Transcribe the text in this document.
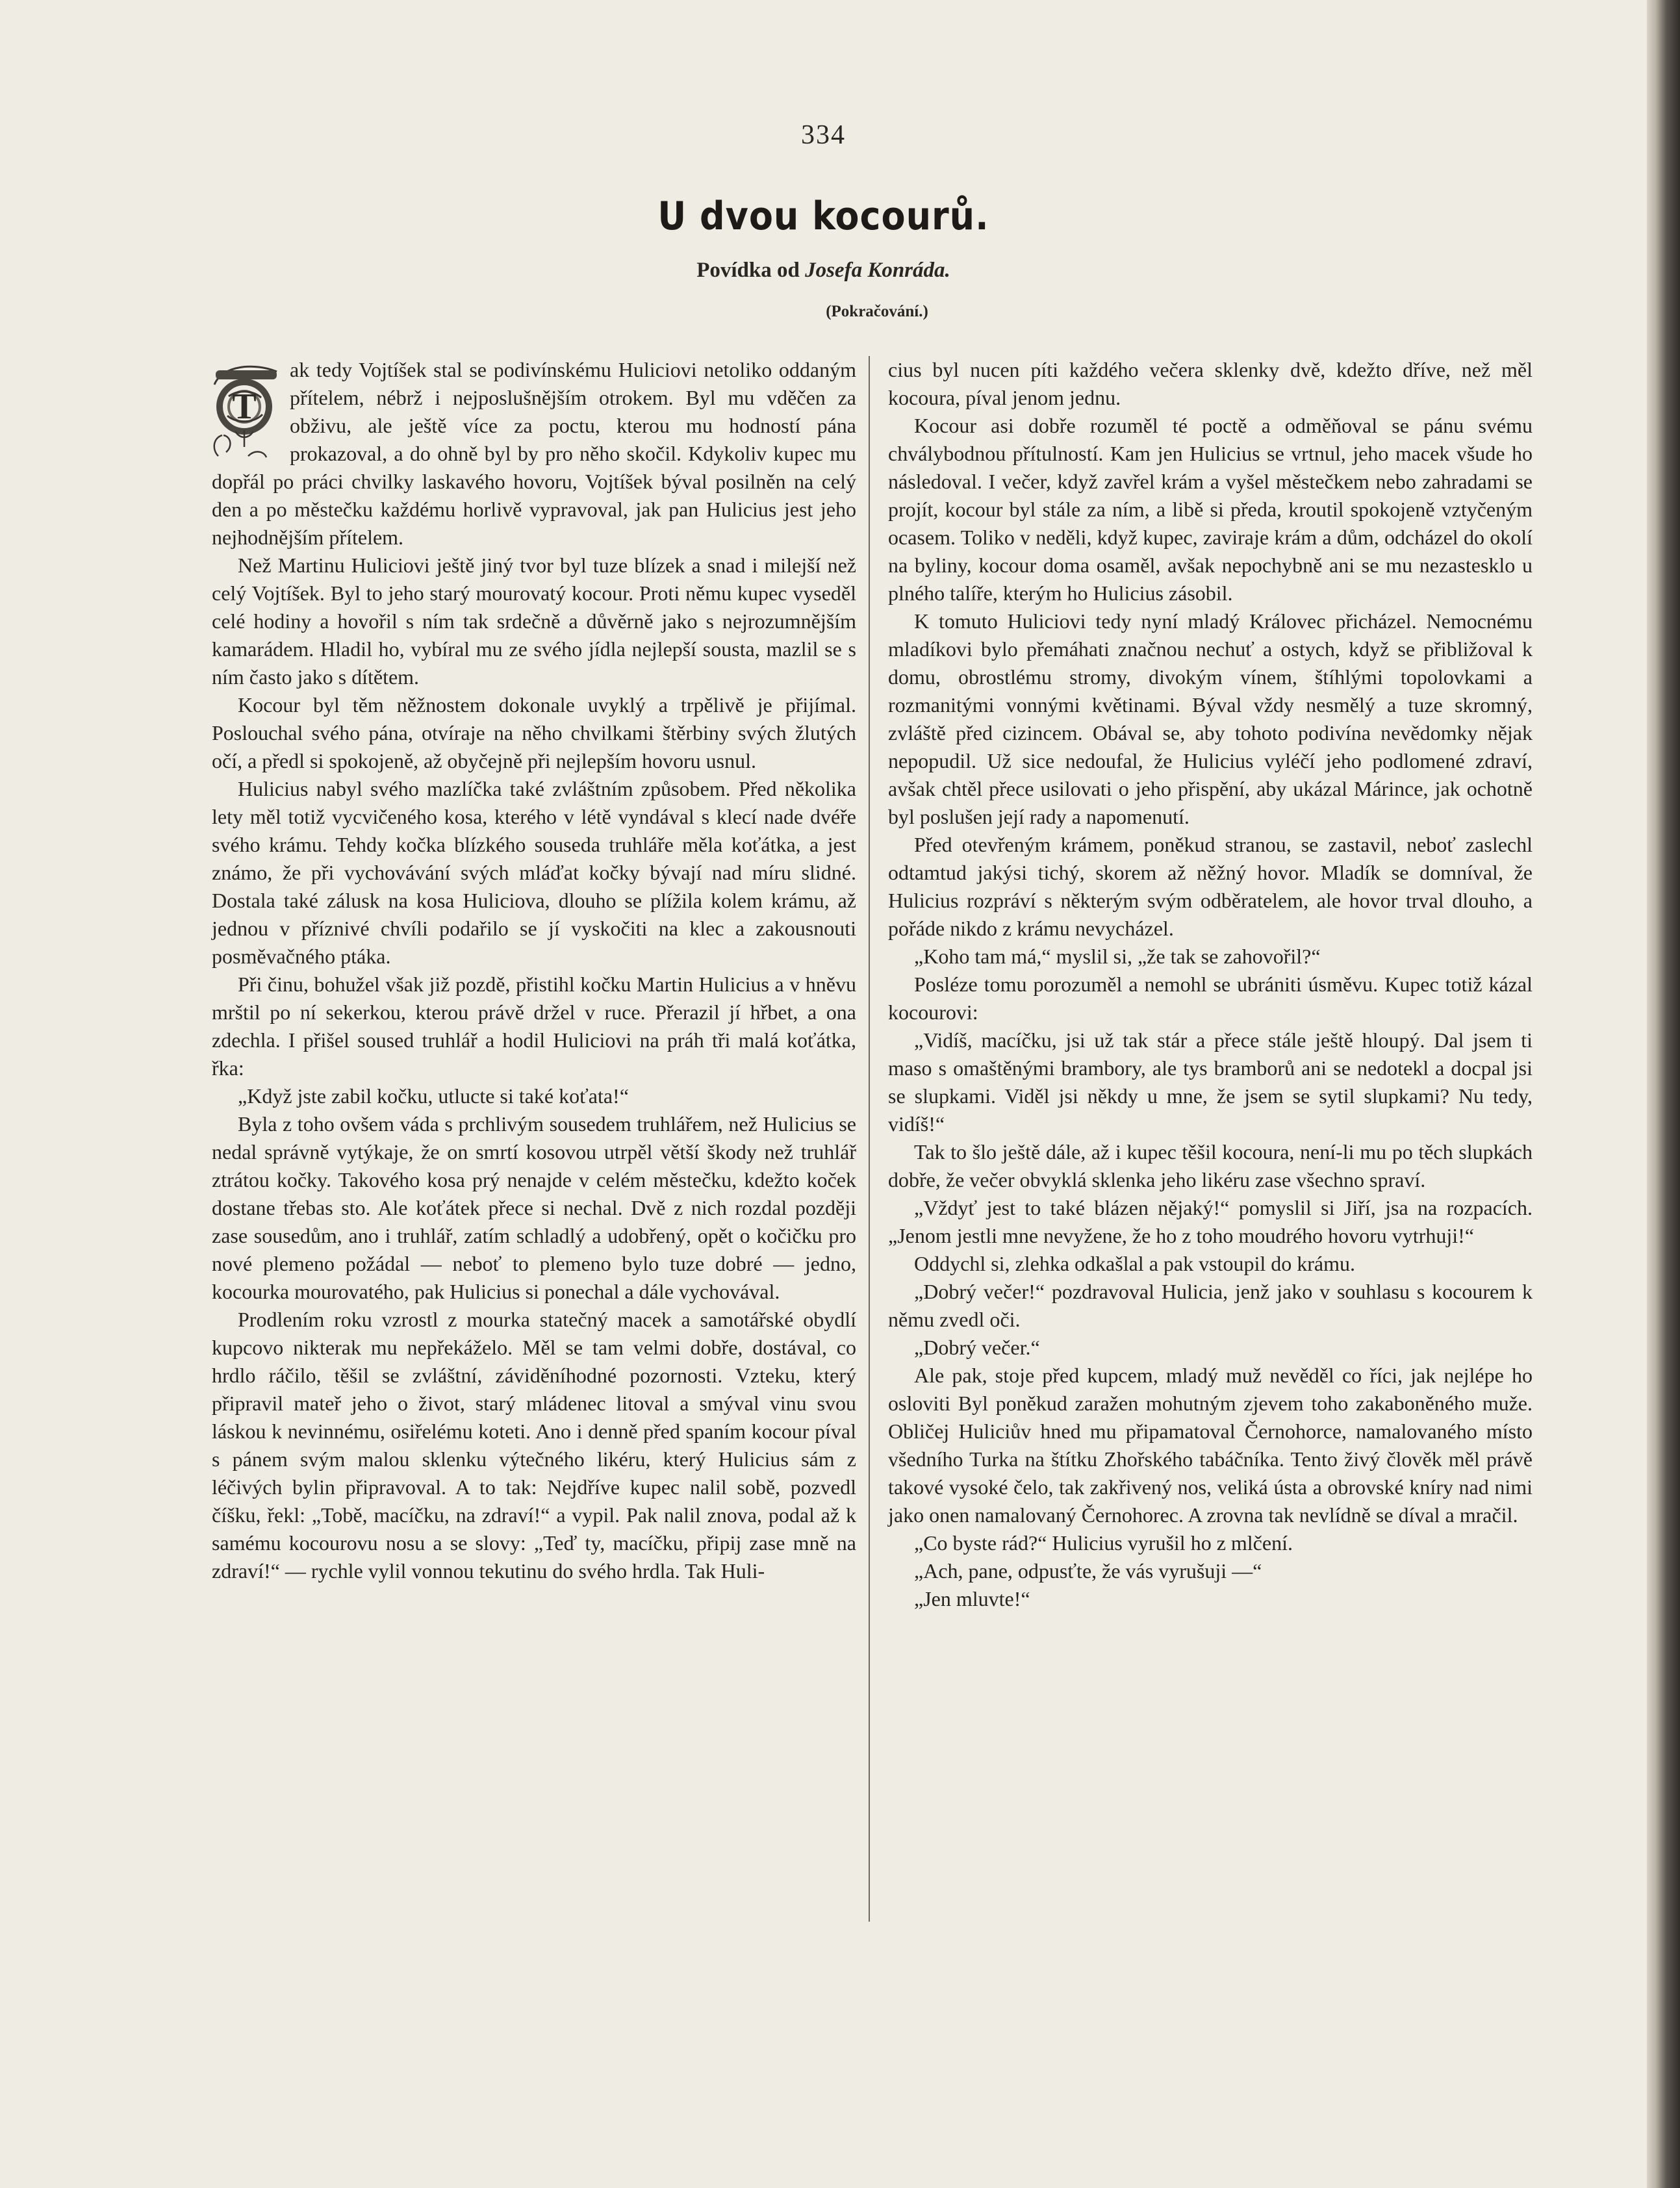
334
U dvou kocourů.
Povídka od Josefa Konráda.
(Pokračování.)
T

ak tedy Vojtíšek stal se podivínskému Huliciovi netoliko oddaným přítelem, nébrž i nejposlušnějším otrokem. Byl mu vděčen za obživu, ale ještě více za poctu, kterou mu hodností pána prokazoval, a do ohně byl by pro něho skočil. Kdykoliv kupec mu dopřál po práci chvilky laskavého hovoru, Vojtíšek býval posilněn na celý den a po městečku každému horlivě vypravoval, jak pan Hulicius jest jeho nejhodnějším přítelem.

Než Martinu Huliciovi ještě jiný tvor byl tuze blízek a snad i milejší než celý Vojtíšek. Byl to jeho starý mourovatý kocour. Proti němu kupec vyseděl celé hodiny a hovořil s ním tak srdečně a důvěrně jako s nejrozumnějším kamarádem. Hladil ho, vybíral mu ze svého jídla nejlepší sousta, mazlil se s ním často jako s dítětem.

Kocour byl těm něžnostem dokonale uvyklý a trpělivě je přijímal. Poslouchal svého pána, otvíraje na něho chvilkami štěrbiny svých žlutých očí, a předl si spokojeně, až obyčejně při nejlepším hovoru usnul.

Hulicius nabyl svého mazlíčka také zvláštním způsobem. Před několika lety měl totiž vycvičeného kosa, kterého v létě vyndával s klecí nade dvéře svého krámu. Tehdy kočka blízkého souseda truhláře měla koťátka, a jest známo, že při vychovávání svých mláďat kočky bývají nad míru slidné. Dostala také zálusk na kosa Huliciova, dlouho se plížila kolem krámu, až jednou v příznivé chvíli podařilo se jí vyskočiti na klec a zakousnouti posměvačného ptáka.

Při činu, bohužel však již pozdě, přistihl kočku Martin Hulicius a v hněvu mrštil po ní sekerkou, kterou právě držel v ruce. Přerazil jí hřbet, a ona zdechla. I přišel soused truhlář a hodil Huliciovi na práh tři malá koťátka, řka:

„Když jste zabil kočku, utlucte si také koťata!“

Byla z toho ovšem váda s prchlivým sousedem truhlářem, než Hulicius se nedal správně vytýkaje, že on smrtí kosovou utrpěl větší škody než truhlář ztrátou kočky. Takového kosa prý nenajde v celém městečku, kdežto koček dostane třebas sto. Ale koťátek přece si nechal. Dvě z nich rozdal později zase sousedům, ano i truhlář, zatím schladlý a udobřený, opět o kočičku pro nové plemeno požádal — neboť to plemeno bylo tuze dobré — jedno, kocourka mourovatého, pak Hulicius si ponechal a dále vychovával.

Prodlením roku vzrostl z mourka statečný macek a samotářské obydlí kupcovo nikterak mu nepřekáželo. Měl se tam velmi dobře, dostával, co hrdlo ráčilo, těšil se zvláštní, záviděníhodné pozornosti. Vzteku, který připravil mateř jeho o život, starý mládenec litoval a smýval vinu svou láskou k nevinnému, osiřelému koteti. Ano i denně před spaním kocour píval s pánem svým malou sklenku výtečného likéru, který Hulicius sám z léčivých bylin připravoval. A to tak: Nejdříve kupec nalil sobě, pozvedl číšku, řekl: „Tobě, macíčku, na zdraví!“ a vypil. Pak nalil znova, podal až k samému kocourovu nosu a se slovy: „Teď ty, macíčku, připij zase mně na zdraví!“ — rychle vylil vonnou tekutinu do svého hrdla. Tak Huli-

cius byl nucen píti každého večera sklenky dvě, kdežto dříve, než měl kocoura, píval jenom jednu.

Kocour asi dobře rozuměl té poctě a odměňoval se pánu svému chválybodnou přítulností. Kam jen Hulicius se vrtnul, jeho macek všude ho následoval. I večer, když zavřel krám a vyšel městečkem nebo zahradami se projít, kocour byl stále za ním, a libě si předa, kroutil spokojeně vztyčeným ocasem. Toliko v neděli, když kupec, zaviraje krám a dům, odcházel do okolí na byliny, kocour doma osaměl, avšak nepochybně ani se mu nezastesklo u plného talíře, kterým ho Hulicius zásobil.

K tomuto Huliciovi tedy nyní mladý Královec přicházel. Nemocnému mladíkovi bylo přemáhati značnou nechuť a ostych, když se přibližoval k domu, obrostlému stromy, divokým vínem, štíhlými topolovkami a rozmanitými vonnými květinami. Býval vždy nesmělý a tuze skromný, zvláště před cizincem. Obával se, aby tohoto podivína nevědomky nějak nepopudil. Už sice nedoufal, že Hulicius vyléčí jeho podlomené zdraví, avšak chtěl přece usilovati o jeho přispění, aby ukázal Márince, jak ochotně byl poslušen její rady a napomenutí.

Před otevřeným krámem, poněkud stranou, se zastavil, neboť zaslechl odtamtud jakýsi tichý, skorem až něžný hovor. Mladík se domníval, že Hulicius rozpráví s některým svým odběratelem, ale hovor trval dlouho, a pořáde nikdo z krámu nevycházel.

„Koho tam má,“ myslil si, „že tak se zahovořil?“

Posléze tomu porozuměl a nemohl se ubrániti úsměvu. Kupec totiž kázal kocourovi:

„Vidíš, macíčku, jsi už tak stár a přece stále ještě hloupý. Dal jsem ti maso s omaštěnými brambory, ale tys bramborů ani se nedotekl a docpal jsi se slupkami. Viděl jsi někdy u mne, že jsem se sytil slupkami? Nu tedy, vidíš!“

Tak to šlo ještě dále, až i kupec těšil kocoura, není-li mu po těch slupkách dobře, že večer obvyklá sklenka jeho likéru zase všechno spraví.

„Vždyť jest to také blázen nějaký!“ pomyslil si Jiří, jsa na rozpacích. „Jenom jestli mne nevyžene, že ho z toho moudrého hovoru vytrhuji!“

Oddychl si, zlehka odkašlal a pak vstoupil do krámu.

„Dobrý večer!“ pozdravoval Hulicia, jenž jako v souhlasu s kocourem k němu zvedl oči.

„Dobrý večer.“

Ale pak, stoje před kupcem, mladý muž nevěděl co říci, jak nejlépe ho osloviti Byl poněkud zaražen mohutným zjevem toho zakaboněného muže. Obličej Huliciův hned mu připamatoval Černohorce, namalovaného místo všedního Turka na štítku Zhořského tabáčníka. Tento živý člověk měl právě takové vysoké čelo, tak zakřivený nos, veliká ústa a obrovské kníry nad nimi jako onen namalovaný Černohorec. A zrovna tak nevlídně se díval a mračil.

„Co byste rád?“ Hulicius vyrušil ho z mlčení.

„Ach, pane, odpusťte, že vás vyrušuji —“

„Jen mluvte!“
